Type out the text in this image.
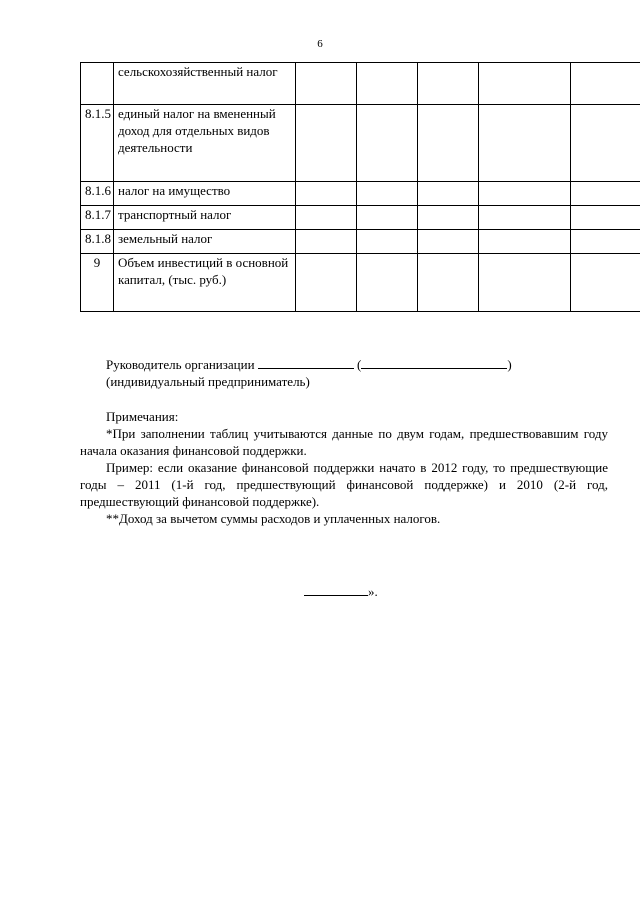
6
	сельскохозяйственный налог					
8.1.5	единый налог на вмененный доход для отдельных видов деятельности					
8.1.6	налог на имущество					
8.1.7	транспортный налог					
8.1.8	земельный налог					
9	Объем инвестиций в основной капитал, (тыс. руб.)					
Руководитель организации	(	)
(индивидуальный предприниматель)

Примечания:

*При заполнении таблиц учитываются данные по двум годам, предшествовавшим году начала оказания финансовой поддержки.

Пример: если оказание финансовой поддержки начато в 2012 году, то предшествующие годы – 2011 (1-й год, предшествующий финансовой поддержке) и 2010 (2-й год, предшествующий финансовой поддержке).

**Доход за вычетом суммы расходов и уплаченных налогов.

».
